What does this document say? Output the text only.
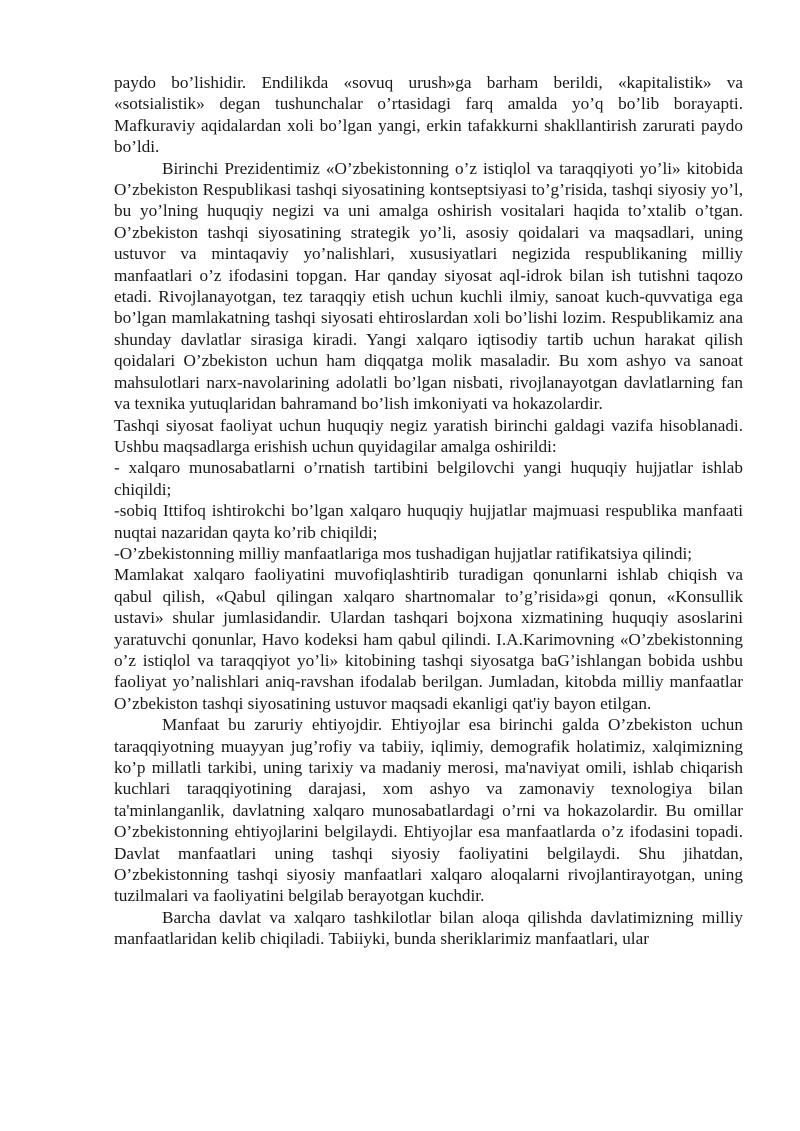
paydo bo’lishidir. Endilikda «sovuq urush»ga barham berildi, «kapitalistik» va «sotsialistik» degan tushunchalar o’rtasidagi farq amalda yo’q bo’lib borayapti. Mafkuraviy aqidalardan xoli bo’lgan yangi, erkin tafakkurni shakllantirish zarurati paydo bo’ldi.

Birinchi Prezidentimiz «O’zbekistonning o’z istiqlol va taraqqiyoti yo’li» kitobida O’zbekiston Respublikasi tashqi siyosatining kontseptsiyasi to’g’risida, tashqi siyosiy yo’l, bu yo’lning huquqiy negizi va uni amalga oshirish vositalari haqida to’xtalib o’tgan. O’zbekiston tashqi siyosatining strategik yo’li, asosiy qoidalari va maqsadlari, uning ustuvor va mintaqaviy yo’nalishlari, xususiyatlari negizida respublikaning milliy manfaatlari o’z ifodasini topgan. Har qanday siyosat aql-idrok bilan ish tutishni taqozo etadi. Rivojlanayotgan, tez taraqqiy etish uchun kuchli ilmiy, sanoat kuch-quvvatiga ega bo’lgan mamlakatning tashqi siyosati ehtiroslardan xoli bo’lishi lozim. Respublikamiz ana shunday davlatlar sirasiga kiradi. Yangi xalqaro iqtisodiy tartib uchun harakat qilish qoidalari O’zbekiston uchun ham diqqatga molik masaladir. Bu xom ashyo va sanoat mahsulotlari narx-navolarining adolatli bo’lgan nisbati, rivojlanayotgan davlatlarning fan va texnika yutuqlaridan bahramand bo’lish imkoniyati va hokazolardir.

Tashqi siyosat faoliyat uchun huquqiy negiz yaratish birinchi galdagi vazifa hisoblanadi. Ushbu maqsadlarga erishish uchun quyidagilar amalga oshirildi:

- xalqaro munosabatlarni o’rnatish tartibini belgilovchi yangi huquqiy hujjatlar ishlab chiqildi;

-sobiq Ittifoq ishtirokchi bo’lgan xalqaro huquqiy hujjatlar majmuasi respublika manfaati nuqtai nazaridan qayta ko’rib chiqildi;

-O’zbekistonning milliy manfaatlariga mos tushadigan hujjatlar ratifikatsiya qilindi;

Mamlakat xalqaro faoliyatini muvofiqlashtirib turadigan qonunlarni ishlab chiqish va qabul qilish, «Qabul qilingan xalqaro shartnomalar to’g’risida»gi qonun, «Konsullik ustavi» shular jumlasidandir. Ulardan tashqari bojxona xizmatining huquqiy asoslarini yaratuvchi qonunlar, Havo kodeksi ham qabul qilindi. I.A.Karimovning «O’zbekistonning o’z istiqlol va taraqqiyot yo’li» kitobining tashqi siyosatga baG’ishlangan bobida ushbu faoliyat yo’nalishlari aniq-ravshan ifodalab berilgan. Jumladan, kitobda milliy manfaatlar O’zbekiston tashqi siyosatining ustuvor maqsadi ekanligi qat'iy bayon etilgan.

Manfaat bu zaruriy ehtiyojdir. Ehtiyojlar esa birinchi galda O’zbekiston uchun taraqqiyotning muayyan jug’rofiy va tabiiy, iqlimiy, demografik holatimiz, xalqimizning ko’p millatli tarkibi, uning tarixiy va madaniy merosi, ma'naviyat omili, ishlab chiqarish kuchlari taraqqiyotining darajasi, xom ashyo va zamonaviy texnologiya bilan ta'minlanganlik, davlatning xalqaro munosabatlardagi o’rni va hokazolardir. Bu omillar O’zbekistonning ehtiyojlarini belgilaydi. Ehtiyojlar esa manfaatlarda o’z ifodasini topadi. Davlat manfaatlari uning tashqi siyosiy faoliyatini belgilaydi. Shu jihatdan, O’zbekistonning tashqi siyosiy manfaatlari xalqaro aloqalarni rivojlantirayotgan, uning tuzilmalari va faoliyatini belgilab berayotgan kuchdir.

Barcha davlat va xalqaro tashkilotlar bilan aloqa qilishda davlatimizning milliy manfaatlaridan kelib chiqiladi. Tabiiyki, bunda sheriklarimiz manfaatlari, ular
